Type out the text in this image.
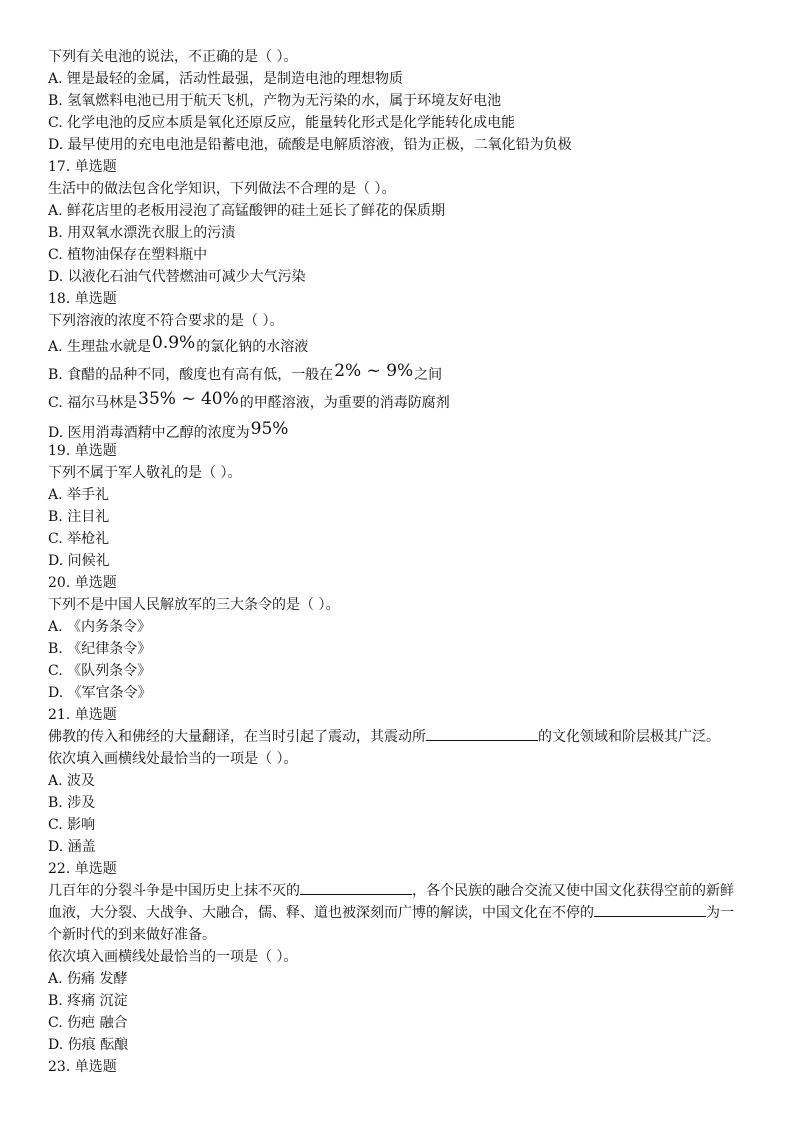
下列有关电池的说法，不正确的是（ ）。
A. 锂是最轻的金属，活动性最强，是制造电池的理想物质
B. 氢氧燃料电池已用于航天飞机，产物为无污染的水，属于环境友好电池
C. 化学电池的反应本质是氧化还原反应，能量转化形式是化学能转化成电能
D. 最早使用的充电电池是铅蓄电池，硫酸是电解质溶液，铅为正极，二氧化铅为负极
17. 单选题
生活中的做法包含化学知识，下列做法不合理的是（ ）。
A. 鲜花店里的老板用浸泡了高锰酸钾的硅土延长了鲜花的保质期
B. 用双氧水漂洗衣服上的污渍
C. 植物油保存在塑料瓶中
D. 以液化石油气代替燃油可减少大气污染
18. 单选题
下列溶液的浓度不符合要求的是（ ）。
A. 生理盐水就是0.9%的氯化钠的水溶液
B. 食醋的品种不同，酸度也有高有低，一般在2% ~ 9%之间
C. 福尔马林是35% ~ 40%的甲醛溶液，为重要的消毒防腐剂
D. 医用消毒酒精中乙醇的浓度为95%
19. 单选题
下列不属于军人敬礼的是（ ）。
A. 举手礼
B. 注目礼
C. 举枪礼
D. 问候礼
20. 单选题
下列不是中国人民解放军的三大条令的是（ ）。
A. 《内务条令》
B. 《纪律条令》
C. 《队列条令》
D. 《军官条令》
21. 单选题
佛教的传入和佛经的大量翻译，在当时引起了震动，其震动所	的文化领域和阶层极其广泛。
依次填入画横线处最恰当的一项是（ ）。
A. 波及
B. 涉及
C. 影响
D. 涵盖
22. 单选题
几百年的分裂斗争是中国历史上抹不灭的	，各个民族的融合交流又使中国文化获得空前的新鲜
血液，大分裂、大战争、大融合，儒、释、道也被深刻而广博的解读，中国文化在不停的	为一
个新时代的到来做好准备。
依次填入画横线处最恰当的一项是（ ）。
A. 伤痛 发酵
B. 疼痛 沉淀
C. 伤疤 融合
D. 伤痕 酝酿
23. 单选题
